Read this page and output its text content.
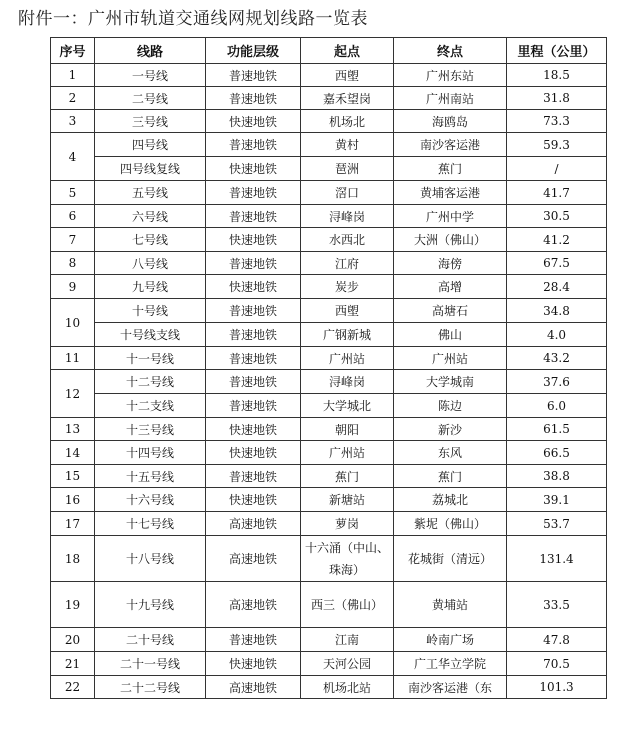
附件一：广州市轨道交通线网规划线路一览表
序号	线路	功能层级	起点	终点	里程（公里）
1	一号线	普速地铁	西塱	广州东站	18.5
2	二号线	普速地铁	嘉禾望岗	广州南站	31.8
3	三号线	快速地铁	机场北	海鸥岛	73.3
4	四号线	普速地铁	黄村	南沙客运港	59.3
	四号线复线	快速地铁	琶洲	蕉门	/
5	五号线	普速地铁	滘口	黄埔客运港	41.7
6	六号线	普速地铁	浔峰岗	广州中学	30.5
7	七号线	快速地铁	水西北	大洲（佛山）	41.2
8	八号线	普速地铁	江府	海傍	67.5
9	九号线	快速地铁	炭步	高增	28.4
10	十号线	普速地铁	西塱	高塘石	34.8
	十号线支线	普速地铁	广钢新城	佛山	4.0
11	十一号线	普速地铁	广州站	广州站	43.2
12	十二号线	普速地铁	浔峰岗	大学城南	37.6
	十二支线	普速地铁	大学城北	陈边	6.0
13	十三号线	快速地铁	朝阳	新沙	61.5
14	十四号线	快速地铁	广州站	东风	66.5
15	十五号线	普速地铁	蕉门	蕉门	38.8
16	十六号线	快速地铁	新塘站	荔城北	39.1
17	十七号线	高速地铁	萝岗	紫坭（佛山）	53.7
18	十八号线	高速地铁	十六涌（中山、珠海）	花城街（清远）	131.4
19	十九号线	高速地铁	西三（佛山）	黄埔站	33.5
20	二十号线	普速地铁	江南	岭南广场	47.8
21	二十一号线	快速地铁	天河公园	广工华立学院	70.5
22	二十二号线	高速地铁	机场北站	南沙客运港（东	101.3
